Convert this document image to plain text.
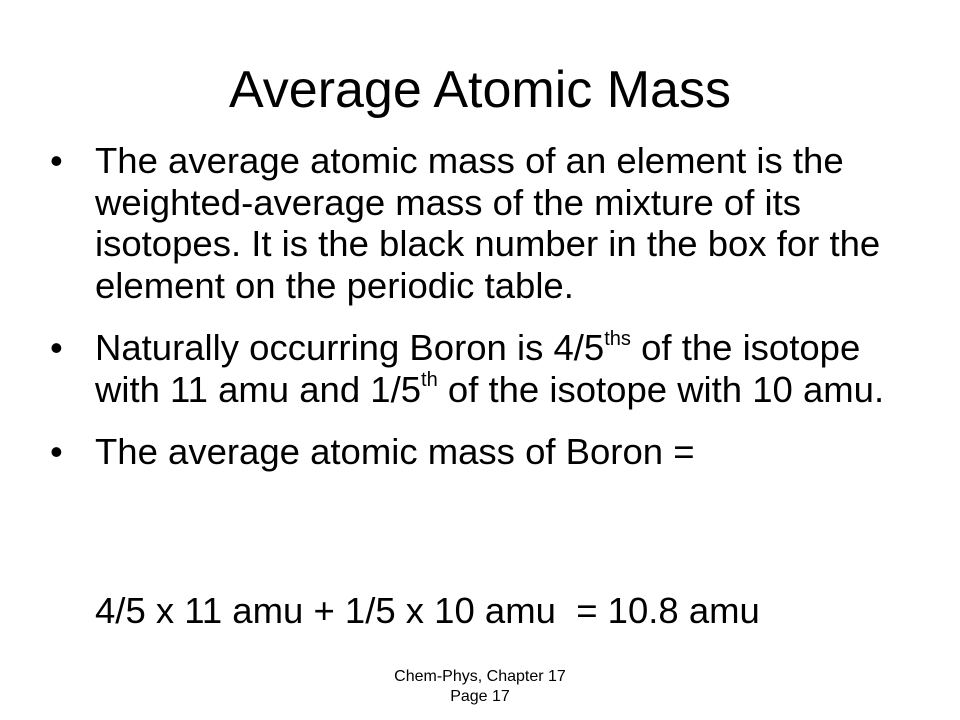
Average Atomic Mass
• The average atomic mass of an element is the weighted-average mass of the mixture of its isotopes. It is the black number in the box for the element on the periodic table.
• Naturally occurring Boron is $4/5^{ths}$ of the isotope with 11 amu and 1/5th of the isotope with 10 amu.
• The average atomic mass of Boron =
4/5 x 11 amu + 1/5 x 10 amu  = 10.8 amu
Chem-Phys, Chapter 17
Page 17
